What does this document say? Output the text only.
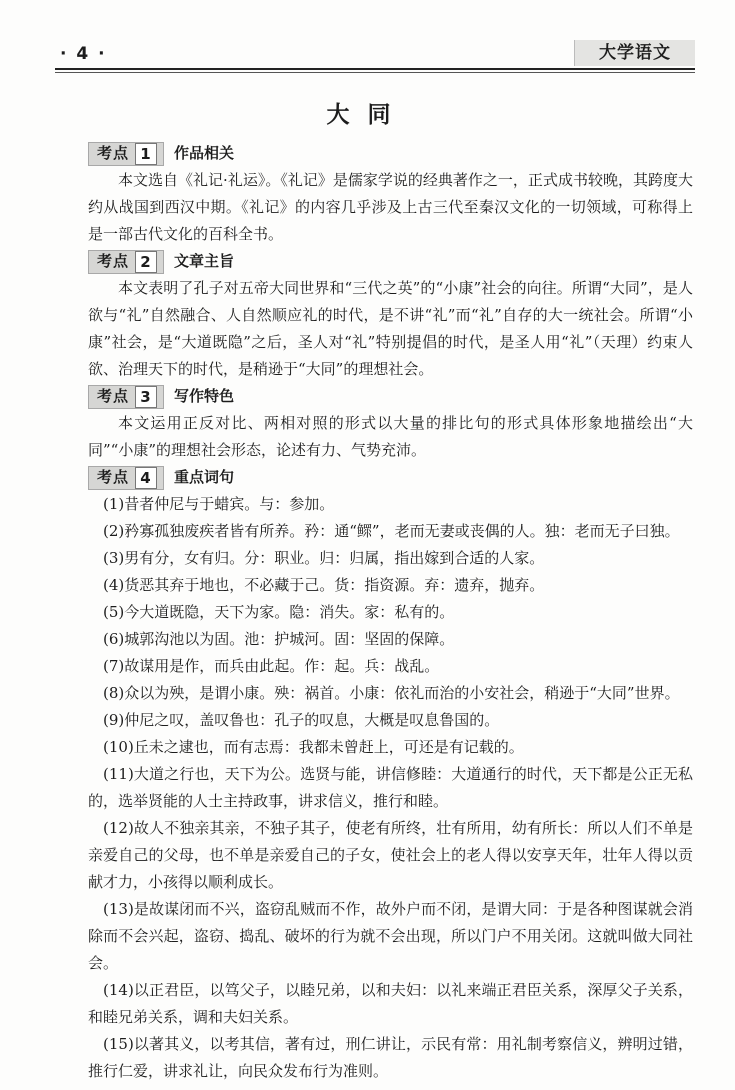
· 4 ·	大学语文
大同
考点 1	作品相关

本文选自《礼记·礼运》。《礼记》是儒家学说的经典著作之一，正式成书较晚，其跨度大约从战国到西汉中期。《礼记》的内容几乎涉及上古三代至秦汉文化的一切领域，可称得上是一部古代文化的百科全书。

考点 2	文章主旨

本文表明了孔子对五帝大同世界和“三代之英”的“小康”社会的向往。所谓“大同”，是人欲与“礼”自然融合、人自然顺应礼的时代，是不讲“礼”而“礼”自存的大一统社会。所谓“小康”社会，是“大道既隐”之后，圣人对“礼”特别提倡的时代，是圣人用“礼”（天理）约束人欲、治理天下的时代，是稍逊于“大同”的理想社会。

考点 3	写作特色

本文运用正反对比、两相对照的形式以大量的排比句的形式具体形象地描绘出“大同”“小康”的理想社会形态，论述有力、气势充沛。

考点 4	重点词句

(1)昔者仲尼与于蜡宾。与：参加。

(2)矜寡孤独废疾者皆有所养。矜：通“鳏”，老而无妻或丧偶的人。独：老而无子曰独。

(3)男有分，女有归。分：职业。归：归属，指出嫁到合适的人家。

(4)货恶其弃于地也，不必藏于己。货：指资源。弃：遗弃，抛弃。

(5)今大道既隐，天下为家。隐：消失。家：私有的。

(6)城郭沟池以为固。池：护城河。固：坚固的保障。

(7)故谋用是作，而兵由此起。作：起。兵：战乱。

(8)众以为殃，是谓小康。殃：祸首。小康：依礼而治的小安社会，稍逊于“大同”世界。

(9)仲尼之叹，盖叹鲁也：孔子的叹息，大概是叹息鲁国的。

(10)丘未之逮也，而有志焉：我都未曾赶上，可还是有记载的。

(11)大道之行也，天下为公。选贤与能，讲信修睦：大道通行的时代，天下都是公正无私的，选举贤能的人士主持政事，讲求信义，推行和睦。

(12)故人不独亲其亲，不独子其子，使老有所终，壮有所用，幼有所长：所以人们不单是亲爱自己的父母，也不单是亲爱自己的子女，使社会上的老人得以安享天年，壮年人得以贡献才力，小孩得以顺利成长。

(13)是故谋闭而不兴，盗窃乱贼而不作，故外户而不闭，是谓大同：于是各种图谋就会消除而不会兴起，盗窃、捣乱、破坏的行为就不会出现，所以门户不用关闭。这就叫做大同社会。

(14)以正君臣，以笃父子，以睦兄弟，以和夫妇：以礼来端正君臣关系，深厚父子关系，和睦兄弟关系，调和夫妇关系。

(15)以著其义，以考其信，著有过，刑仁讲让，示民有常：用礼制考察信义，辨明过错，推行仁爱，讲求礼让，向民众发布行为准则。
